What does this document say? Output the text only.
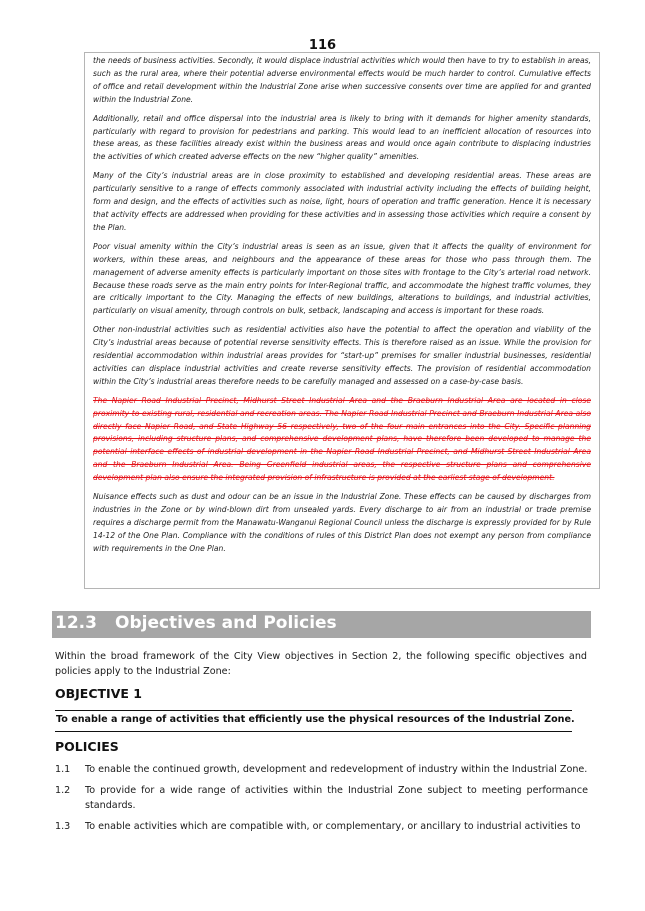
116

the needs of business activities. Secondly, it would displace industrial activities which would then have to try to establish in areas, such as the rural area, where their potential adverse environmental effects would be much harder to control. Cumulative effects of office and retail development within the Industrial Zone arise when successive consents over time are applied for and granted within the Industrial Zone.

Additionally, retail and office dispersal into the industrial area is likely to bring with it demands for higher amenity standards, particularly with regard to provision for pedestrians and parking. This would lead to an inefficient allocation of resources into these areas, as these facilities already exist within the business areas and would once again contribute to displacing industries the activities of which created adverse effects on the new “higher quality” amenities.

Many of the City’s industrial areas are in close proximity to established and developing residential areas. These areas are particularly sensitive to a range of effects commonly associated with industrial activity including the effects of building height, form and design, and the effects of activities such as noise, light, hours of operation and traffic generation. Hence it is necessary that activity effects are addressed when providing for these activities and in assessing those activities which require a consent by the Plan.

Poor visual amenity within the City’s industrial areas is seen as an issue, given that it affects the quality of environment for workers, within these areas, and neighbours and the appearance of these areas for those who pass through them. The management of adverse amenity effects is particularly important on those sites with frontage to the City’s arterial road network. Because these roads serve as the main entry points for Inter-Regional traffic, and accommodate the highest traffic volumes, they are critically important to the City. Managing the effects of new buildings, alterations to buildings, and industrial activities, particularly on visual amenity, through controls on bulk, setback, landscaping and access is important for these roads.

Other non-industrial activities such as residential activities also have the potential to affect the operation and viability of the City’s industrial areas because of potential reverse sensitivity effects. This is therefore raised as an issue. While the provision for residential accommodation within industrial areas provides for “start-up” premises for smaller industrial businesses, residential activities can displace industrial activities and create reverse sensitivity effects. The provision of residential accommodation within the City’s industrial areas therefore needs to be carefully managed and assessed on a case-by-case basis.

The Napier Road Industrial Precinct, Midhurst Street Industrial Area and the Braeburn Industrial Area are located in close proximity to existing rural, residential and recreation areas. The Napier Road Industrial Precinct and Braeburn Industrial Area also directly face Napier Road, and State Highway 56 respectively, two of the four main entrances into the City. Specific planning provisions, including structure plans, and comprehensive development plans, have therefore been developed to manage the potential interface effects of industrial development in the Napier Road Industrial Precinct, and Midhurst Street Industrial Area and the Braeburn Industrial Area. Being Greenfield industrial areas, the respective structure plans and comprehensive development plan also ensure the integrated provision of infrastructure is provided at the earliest stage of development.

Nuisance effects such as dust and odour can be an issue in the Industrial Zone. These effects can be caused by discharges from industries in the Zone or by wind-blown dirt from unsealed yards. Every discharge to air from an industrial or trade premise requires a discharge permit from the Manawatu-Wanganui Regional Council unless the discharge is expressly provided for by Rule 14-12 of the One Plan. Compliance with the conditions of rules of this District Plan does not exempt any person from compliance with requirements in the One Plan.

12.3 Objectives and Policies
Within the broad framework of the City View objectives in Section 2, the following specific objectives and policies apply to the Industrial Zone:
OBJECTIVE 1
To enable a range of activities that efficiently use the physical resources of the Industrial Zone.
POLICIES
1.1 To enable the continued growth, development and redevelopment of industry within the Industrial Zone.
1.2 To provide for a wide range of activities within the Industrial Zone subject to meeting performance standards.
1.3 To enable activities which are compatible with, or complementary, or ancillary to industrial activities to
